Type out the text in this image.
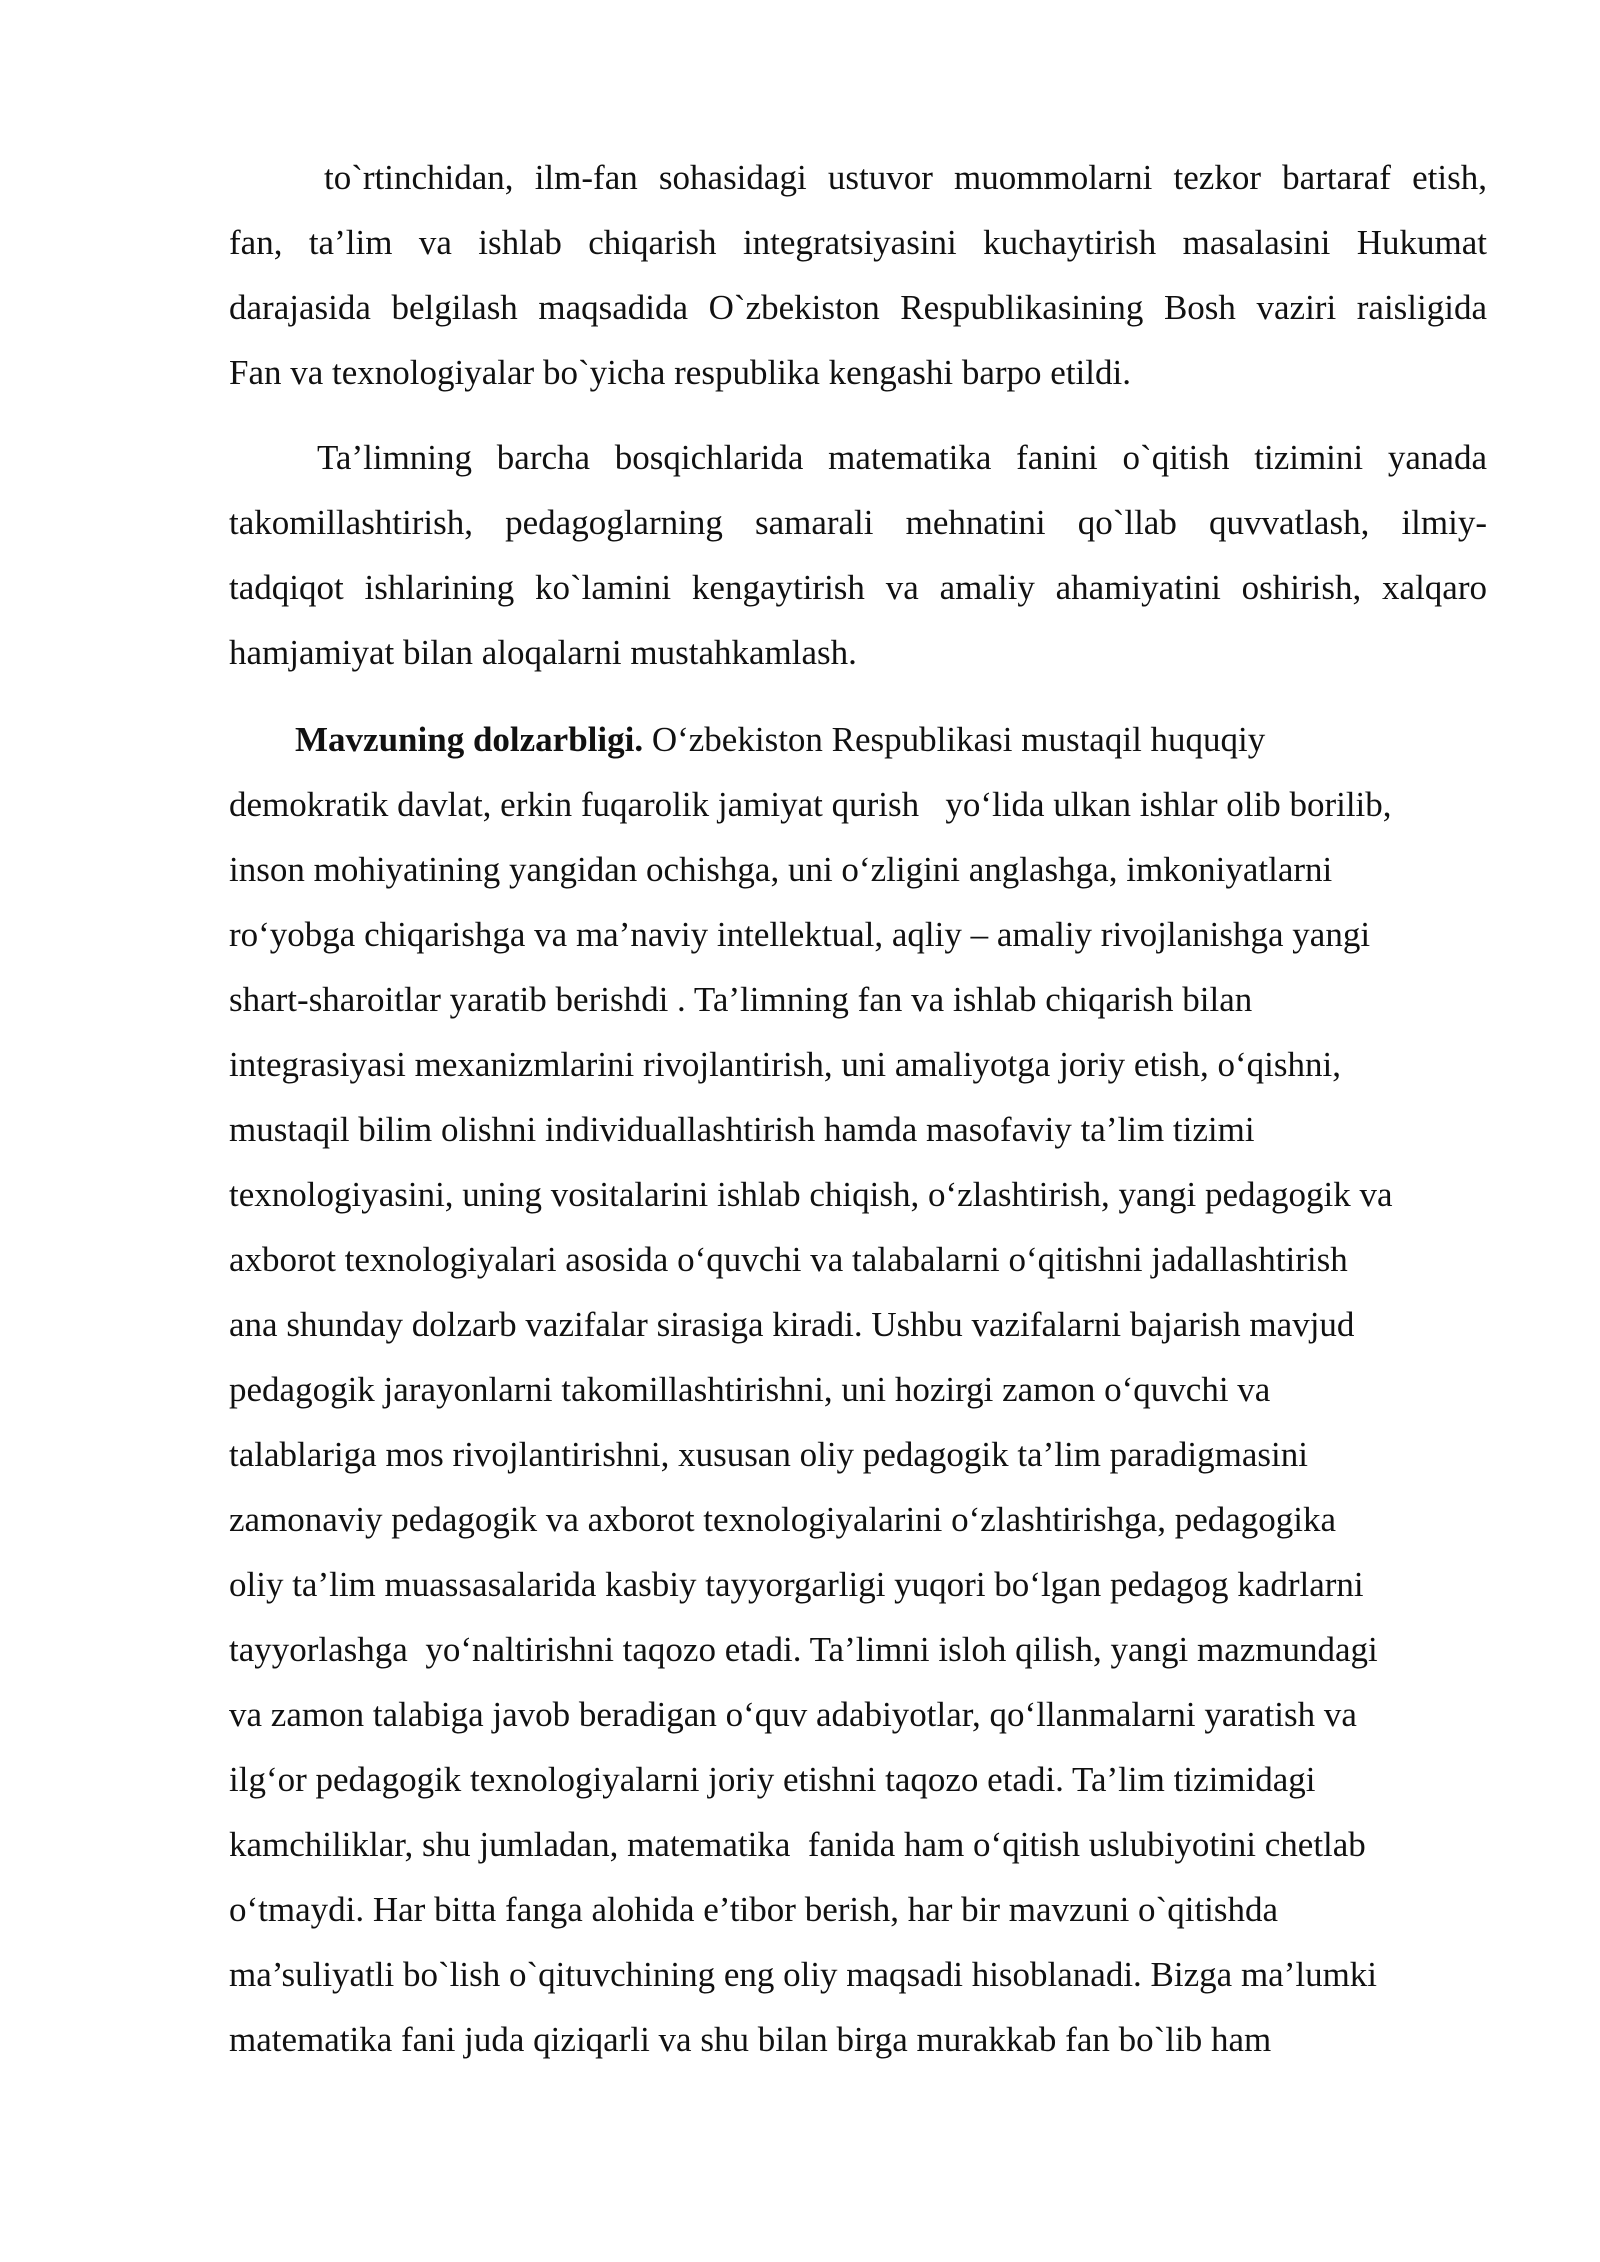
to`rtinchidan, ilm-fan sohasidagi ustuvor muommolarni tezkor bartaraf etish,
fan, ta’lim va ishlab chiqarish integratsiyasini kuchaytirish masalasini Hukumat
darajasida belgilash maqsadida O`zbekiston Respublikasining Bosh vaziri raisligida
Fan va texnologiyalar bo`yicha respublika kengashi barpo etildi.
Ta’limning barcha bosqichlarida matematika fanini o`qitish tizimini yanada
takomillashtirish, pedagoglarning samarali mehnatini qo`llab quvvatlash, ilmiy-
tadqiqot ishlarining ko`lamini kengaytirish va amaliy ahamiyatini oshirish, xalqaro
hamjamiyat bilan aloqalarni mustahkamlash.
Mavzuning dolzarbligi. O‘zbekiston Respublikasi mustaqil huquqiy
demokratik davlat, erkin fuqarolik jamiyat qurish   yo‘lida ulkan ishlar olib borilib,
inson mohiyatining yangidan ochishga, uni o‘zligini anglashga, imkoniyatlarni
ro‘yobga chiqarishga va ma’naviy intellektual, aqliy – amaliy rivojlanishga yangi
shart-sharoitlar yaratib berishdi . Ta’limning fan va ishlab chiqarish bilan
integrasiyasi mexanizmlarini rivojlantirish, uni amaliyotga joriy etish, o‘qishni,
mustaqil bilim olishni individuallashtirish hamda masofaviy ta’lim tizimi
texnologiyasini, uning vositalarini ishlab chiqish, o‘zlashtirish, yangi pedagogik va
axborot texnologiyalari asosida o‘quvchi va talabalarni o‘qitishni jadallashtirish
ana shunday dolzarb vazifalar sirasiga kiradi. Ushbu vazifalarni bajarish mavjud
pedagogik jarayonlarni takomillashtirishni, uni hozirgi zamon o‘quvchi va
talablariga mos rivojlantirishni, xususan oliy pedagogik ta’lim paradigmasini
zamonaviy pedagogik va axborot texnologiyalarini o‘zlashtirishga, pedagogika
oliy ta’lim muassasalarida kasbiy tayyorgarligi yuqori bo‘lgan pedagog kadrlarni
tayyorlashga  yo‘naltirishni taqozo etadi. Ta’limni isloh qilish, yangi mazmundagi
va zamon talabiga javob beradigan o‘quv adabiyotlar, qo‘llanmalarni yaratish va
ilg‘or pedagogik texnologiyalarni joriy etishni taqozo etadi. Ta’lim tizimidagi
kamchiliklar, shu jumladan, matematika  fanida ham o‘qitish uslubiyotini chetlab
o‘tmaydi. Har bitta fanga alohida e’tibor berish, har bir mavzuni o`qitishda
ma’suliyatli bo`lish o`qituvchining eng oliy maqsadi hisoblanadi. Bizga ma’lumki
matematika fani juda qiziqarli va shu bilan birga murakkab fan bo`lib ham
